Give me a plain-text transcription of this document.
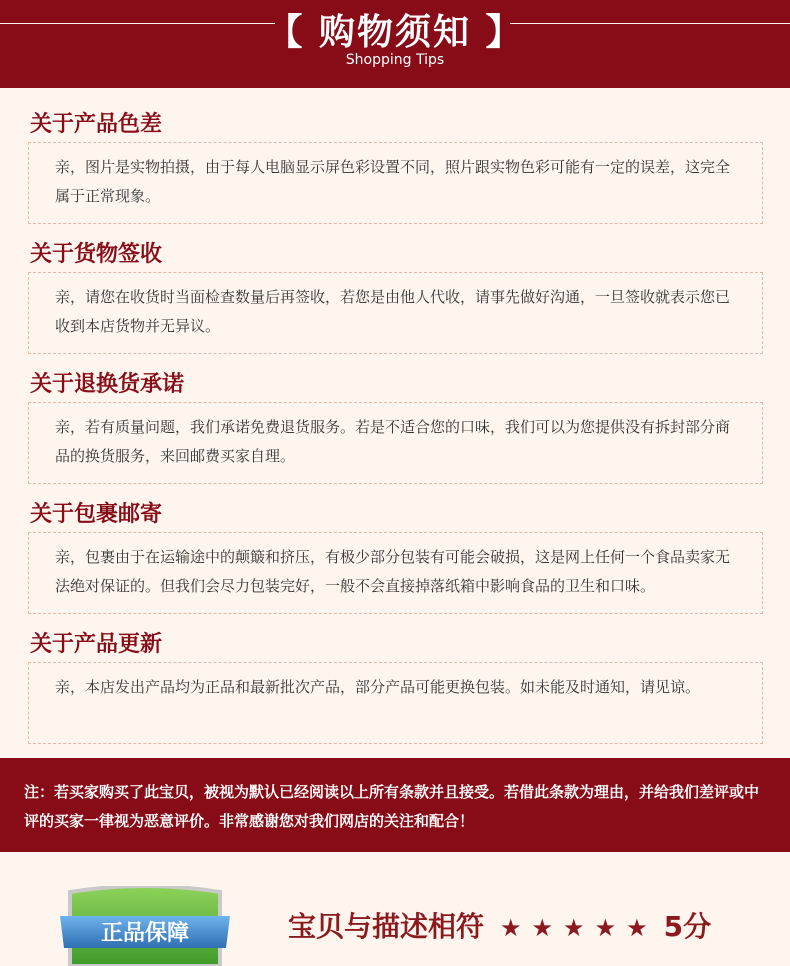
【 购物须知 】
Shopping Tips
关于产品色差
亲，图片是实物拍摄，由于每人电脑显示屏色彩设置不同，照片跟实物色彩可能有一定的误差，这完全属于正常现象。
关于货物签收
亲，请您在收货时当面检查数量后再签收，若您是由他人代收，请事先做好沟通，一旦签收就表示您已收到本店货物并无异议。
关于退换货承诺
亲，若有质量问题，我们承诺免费退货服务。若是不适合您的口味，我们可以为您提供没有拆封部分商品的换货服务，来回邮费买家自理。
关于包裹邮寄
亲，包裹由于在运输途中的颠簸和挤压，有极少部分包装有可能会破损，这是网上任何一个食品卖家无法绝对保证的。但我们会尽力包装完好，一般不会直接掉落纸箱中影响食品的卫生和口味。
关于产品更新
亲，本店发出产品均为正品和最新批次产品，部分产品可能更换包装。如未能及时通知，请见谅。
注：若买家购买了此宝贝，被视为默认已经阅读以上所有条款并且接受。若借此条款为理由，并给我们差评或中评的买家一律视为恶意评价。非常感谢您对我们网店的关注和配合！
正品保障	宝贝与描述相符 ★★★★★ 5分
